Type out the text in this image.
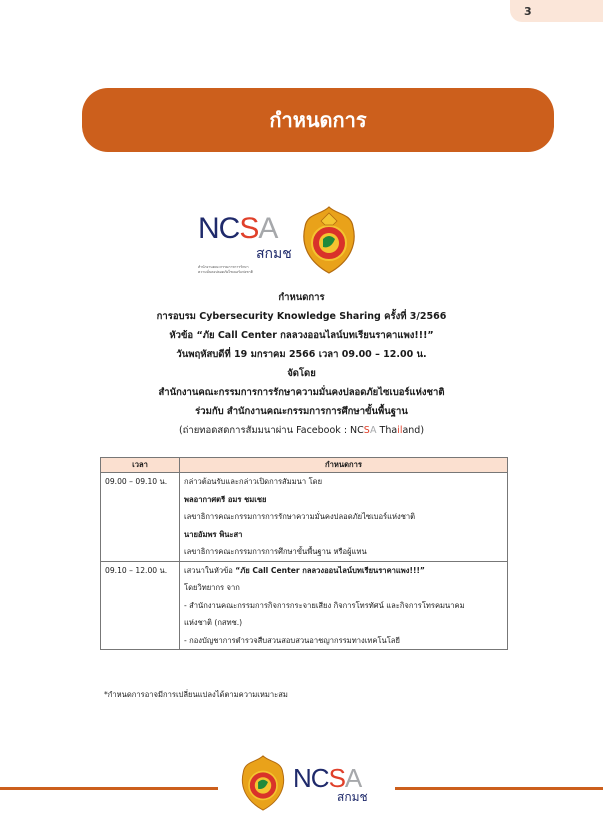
3
กำหนดการ
NCSA
สกมช
สำนักงานคณะกรรมการการรักษา
ความมั่นคงปลอดภัยไซเบอร์แห่งชาติ
กำหนดการ
การอบรม Cybersecurity Knowledge Sharing ครั้งที่ 3/2566
หัวข้อ “ภัย Call Center กลลวงออนไลน์บทเรียนราคาแพง!!!”
วันพฤหัสบดีที่ 19 มกราคม 2566 เวลา 09.00 – 12.00 น.
จัดโดย
สำนักงานคณะกรรมการการรักษาความมั่นคงปลอดภัยไซเบอร์แห่งชาติ
ร่วมกับ สำนักงานคณะกรรมการการศึกษาขั้นพื้นฐาน
(ถ่ายทอดสดการสัมมนาผ่าน Facebook : NCSA Thailand)
เวลา	กำหนดการ

09.00 – 09.10 น.	กล่าวต้อนรับและกล่าวเปิดการสัมมนา โดย
พลอากาศตรี อมร ชมเชย
เลขาธิการคณะกรรมการการรักษาความมั่นคงปลอดภัยไซเบอร์แห่งชาติ
นายอัมพร พินะสา
เลขาธิการคณะกรรมการการศึกษาขั้นพื้นฐาน หรือผู้แทน

09.10 – 12.00 น.	เสวนาในหัวข้อ “ภัย Call Center กลลวงออนไลน์บทเรียนราคาแพง!!!”
โดยวิทยากร จาก
- สำนักงานคณะกรรมการกิจการกระจายเสียง กิจการโทรทัศน์ และกิจการโทรคมนาคม
แห่งชาติ (กสทช.)
- กองบัญชาการตำรวจสืบสวนสอบสวนอาชญากรรมทางเทคโนโลยี
*กำหนดการอาจมีการเปลี่ยนแปลงได้ตามความเหมาะสม
NCSA
สกมช
